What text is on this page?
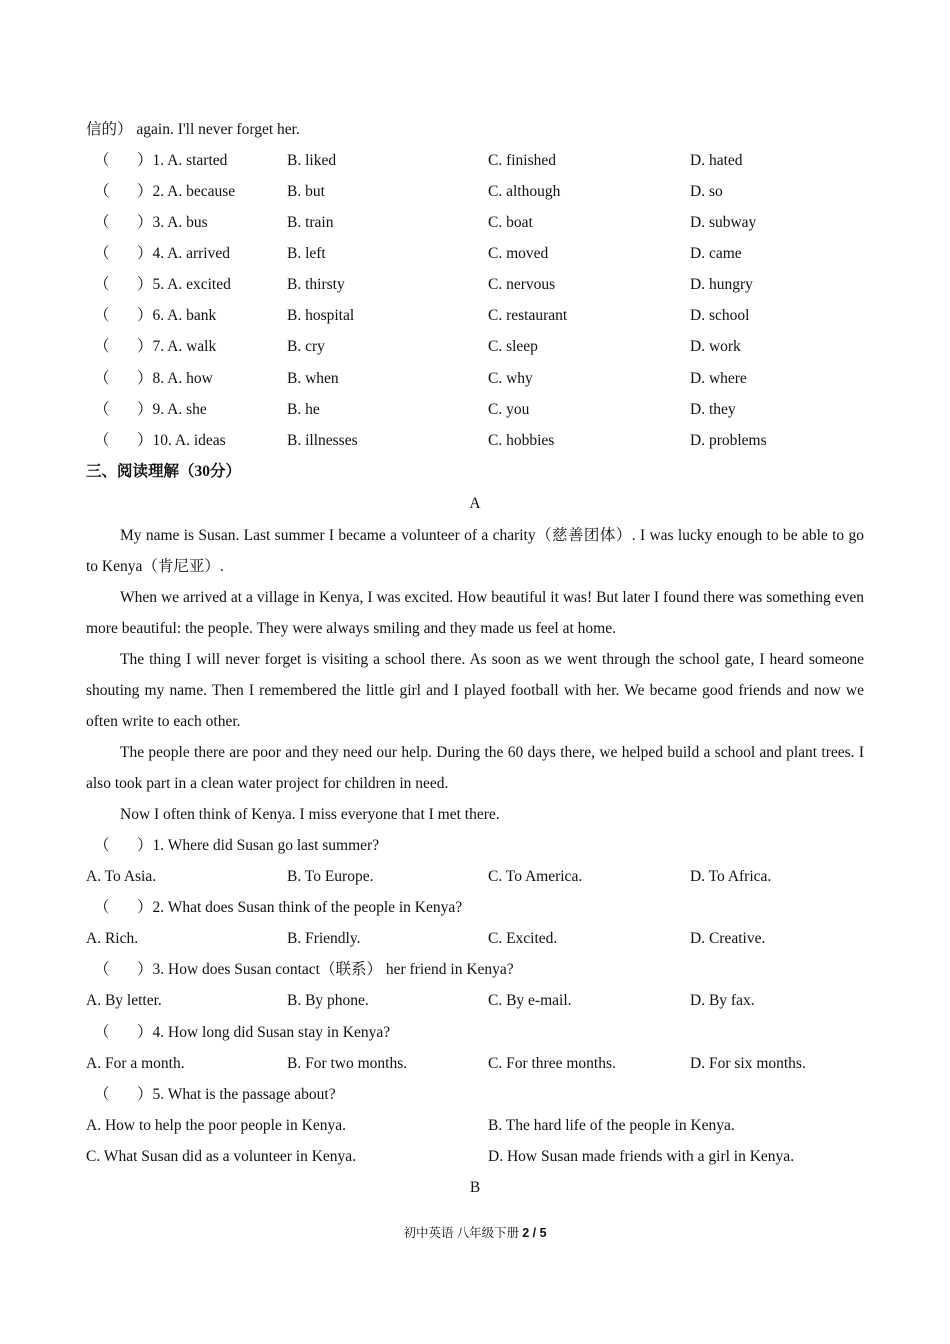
信的） again. I'll never forget her.
（ ）1. A. started	B. liked	C. finished	D. hated
（ ）2. A. because	B. but	C. although	D. so
（ ）3. A. bus	B. train	C. boat	D. subway
（ ）4. A. arrived	B. left	C. moved	D. came
（ ）5. A. excited	B. thirsty	C. nervous	D. hungry
（ ）6. A. bank	B. hospital	C. restaurant	D. school
（ ）7. A. walk	B. cry	C. sleep	D. work
（ ）8. A. how	B. when	C. why	D. where
（ ）9. A. she	B. he	C. you	D. they
（ ）10. A. ideas	B. illnesses	C. hobbies	D. problems
三、阅读理解（30分）
A
My name is Susan. Last summer I became a volunteer of a charity（慈善团体）. I was lucky enough to be able to go to Kenya（肯尼亚）.
When we arrived at a village in Kenya, I was excited. How beautiful it was! But later I found there was something even more beautiful: the people. They were always smiling and they made us feel at home.
The thing I will never forget is visiting a school there. As soon as we went through the school gate, I heard someone shouting my name. Then I remembered the little girl and I played football with her. We became good friends and now we often write to each other.
The people there are poor and they need our help. During the 60 days there, we helped build a school and plant trees. I also took part in a clean water project for children in need.
Now I often think of Kenya. I miss everyone that I met there.
（ ）1. Where did Susan go last summer?
A. To Asia.	B. To Europe.	C. To America.	D. To Africa.
（ ）2. What does Susan think of the people in Kenya?
A. Rich.	B. Friendly.	C. Excited.	D. Creative.
（ ）3. How does Susan contact（联系） her friend in Kenya?
A. By letter.	B. By phone.	C. By e-mail.	D. By fax.
（ ）4. How long did Susan stay in Kenya?
A. For a month.	B. For two months.	C. For three months.	D. For six months.
（ ）5. What is the passage about?
A. How to help the poor people in Kenya.	B. The hard life of the people in Kenya.
C. What Susan did as a volunteer in Kenya.	D. How Susan made friends with a girl in Kenya.
B
初中英语 八年级下册 2 / 5
